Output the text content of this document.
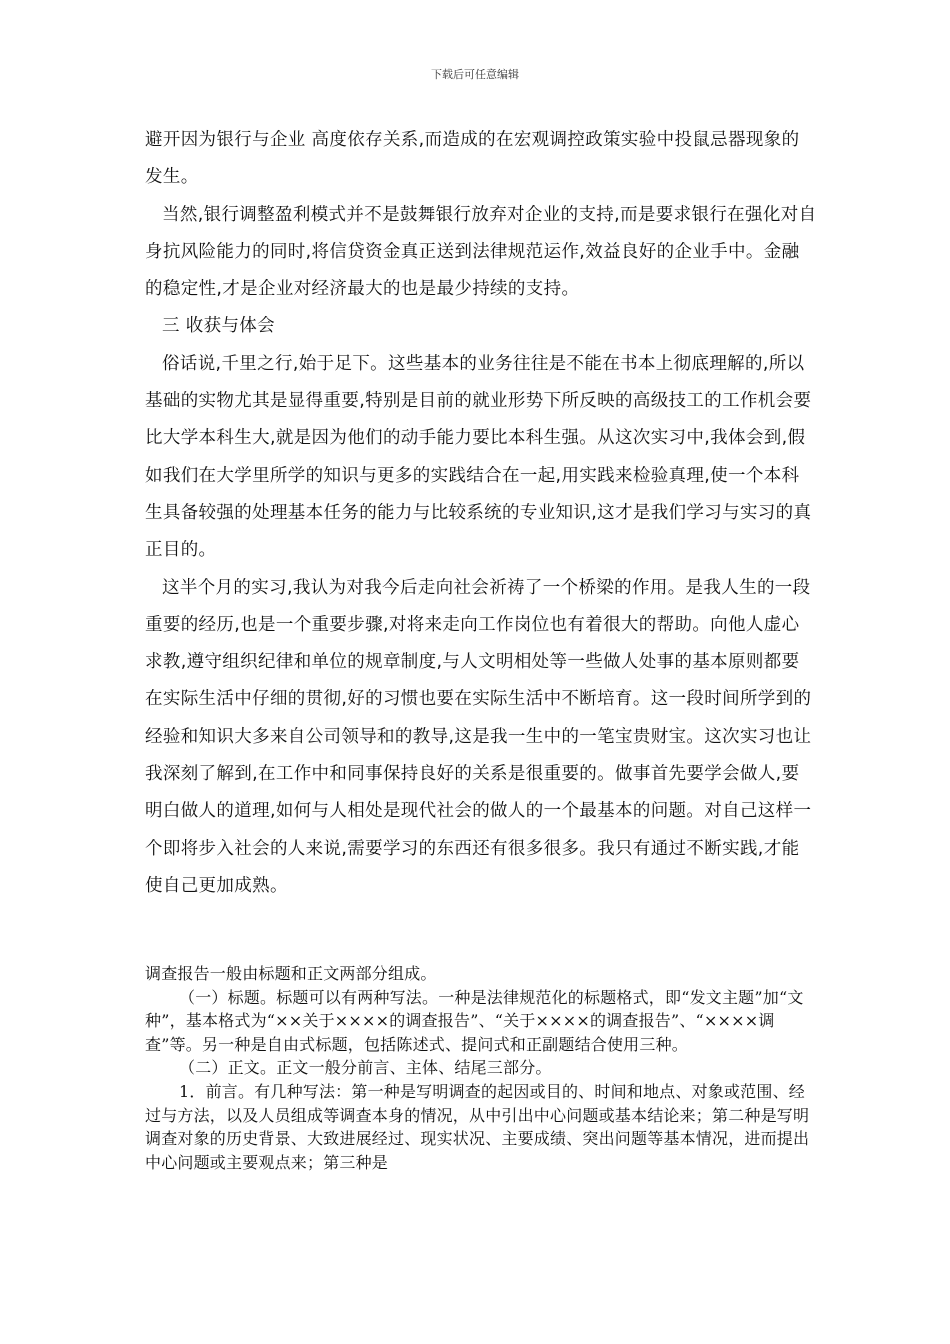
下载后可任意编辑

避开因为银行与企业 高度依存关系,而造成的在宏观调控政策实验中投鼠忌器现象的发生。

当然,银行调整盈利模式并不是鼓舞银行放弃对企业的支持,而是要求银行在强化对自身抗风险能力的同时,将信贷资金真正送到法律规范运作,效益良好的企业手中。金融的稳定性,才是企业对经济最大的也是最少持续的支持。

三 收获与体会

俗话说,千里之行,始于足下。这些基本的业务往往是不能在书本上彻底理解的,所以基础的实物尤其是显得重要,特别是目前的就业形势下所反映的高级技工的工作机会要比大学本科生大,就是因为他们的动手能力要比本科生强。从这次实习中,我体会到,假如我们在大学里所学的知识与更多的实践结合在一起,用实践来检验真理,使一个本科生具备较强的处理基本任务的能力与比较系统的专业知识,这才是我们学习与实习的真正目的。

这半个月的实习,我认为对我今后走向社会祈祷了一个桥梁的作用。是我人生的一段重要的经历,也是一个重要步骤,对将来走向工作岗位也有着很大的帮助。向他人虚心求教,遵守组织纪律和单位的规章制度,与人文明相处等一些做人处事的基本原则都要在实际生活中仔细的贯彻,好的习惯也要在实际生活中不断培育。这一段时间所学到的经验和知识大多来自公司领导和的教导,这是我一生中的一笔宝贵财宝。这次实习也让我深刻了解到,在工作中和同事保持良好的关系是很重要的。做事首先要学会做人,要明白做人的道理,如何与人相处是现代社会的做人的一个最基本的问题。对自己这样一个即将步入社会的人来说,需要学习的东西还有很多很多。我只有通过不断实践,才能使自己更加成熟。

调查报告一般由标题和正文两部分组成。

（一）标题。标题可以有两种写法。一种是法律规范化的标题格式，即“发文主题”加“文种”，基本格式为“××关于××××的调查报告”、“关于××××的调查报告”、“××××调查”等。另一种是自由式标题，包括陈述式、提问式和正副题结合使用三种。

（二）正文。正文一般分前言、主体、结尾三部分。

1．前言。有几种写法：第一种是写明调查的起因或目的、时间和地点、对象或范围、经过与方法，以及人员组成等调查本身的情况，从中引出中心问题或基本结论来；第二种是写明调查对象的历史背景、大致进展经过、现实状况、主要成绩、突出问题等基本情况，进而提出中心问题或主要观点来；第三种是
